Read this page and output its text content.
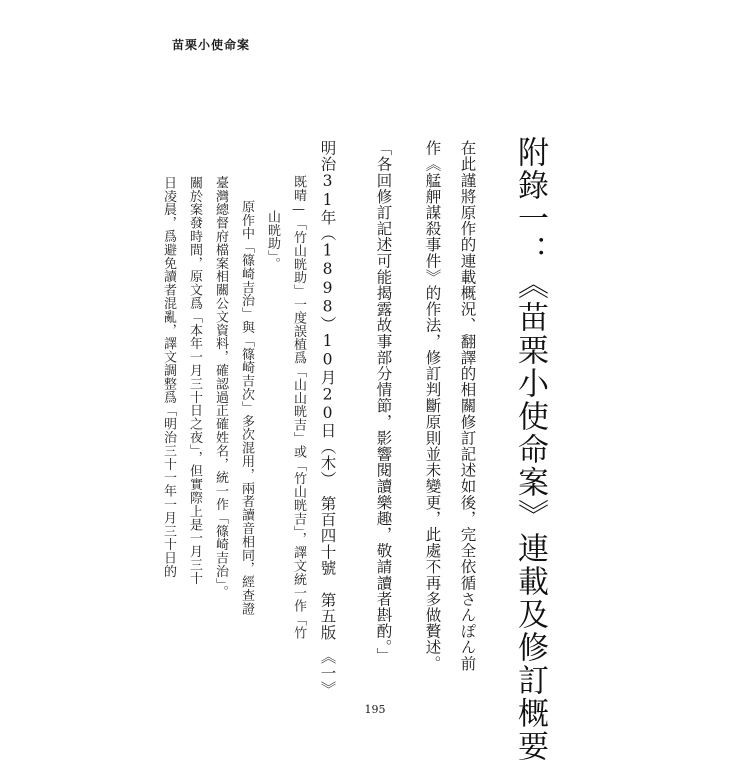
苗栗小使命案
附錄一：《苗栗小使命案》連載及修訂概要
在此謹將原作的連載概況、翻譯的相關修訂記述如後，完全依循さんぽん前
作《艋舺謀殺事件》的作法，修訂判斷原則並未變更，此處不再多做贅述。
「各回修訂記述可能揭露故事部分情節，影響閱讀樂趣，敬請讀者斟酌。」
明治31年（1898）10月20日（木）　第百四十號　第五版　《一》
既晴—「竹山晄助」一度誤植爲「山山晄吉」或「竹山晄吉」，譯文統一作「竹
山晄助」。
原作中「篠崎吉治」與「篠崎吉次」多次混用，兩者讀音相同，經查證
臺灣總督府檔案相關公文資料，確認過正確姓名，統一作「篠崎吉治」。
關於案發時間，原文爲「本年一月三十日之夜」，但實際上是一月三十
日凌晨，爲避免讀者混亂，譯文調整爲「明治三十一年一月三十日的
195
